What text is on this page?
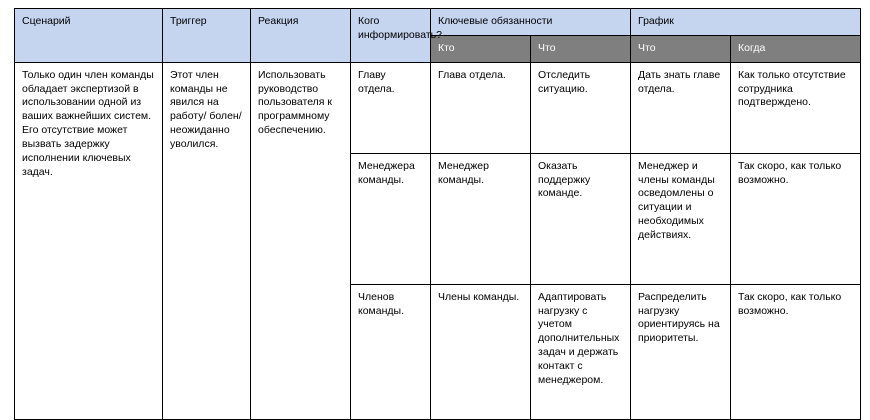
Сценарий	Триггер	Реакция	Кого информировать?	Ключевые обязанности		График	
				Кто	Что	Что	Когда
Только один член команды обладает экспертизой в использовании одной из ваших важнейших систем. Его отсутствие может вызвать задержку исполнении ключевых задач.	Этот член команды не явился на работу/ болен/ неожиданно уволился.	Использовать руководство пользователя к программному обеспечению.	Главу отдела.	Глава отдела.	Отследить ситуацию.	Дать знать главе отдела.	Как только отсутствие сотрудника подтверждено.
			Менеджера команды.	Менеджер команды.	Оказать поддержку команде.	Менеджер и члены команды осведомлены о ситуации и необходимых действиях.	Так скоро, как только возможно.
			Членов команды.	Члены команды.	Адаптировать нагрузку с учетом дополнительных задач и держать контакт с менеджером.	Распределить нагрузку ориентируясь на приоритеты.	Так скоро, как только возможно.
